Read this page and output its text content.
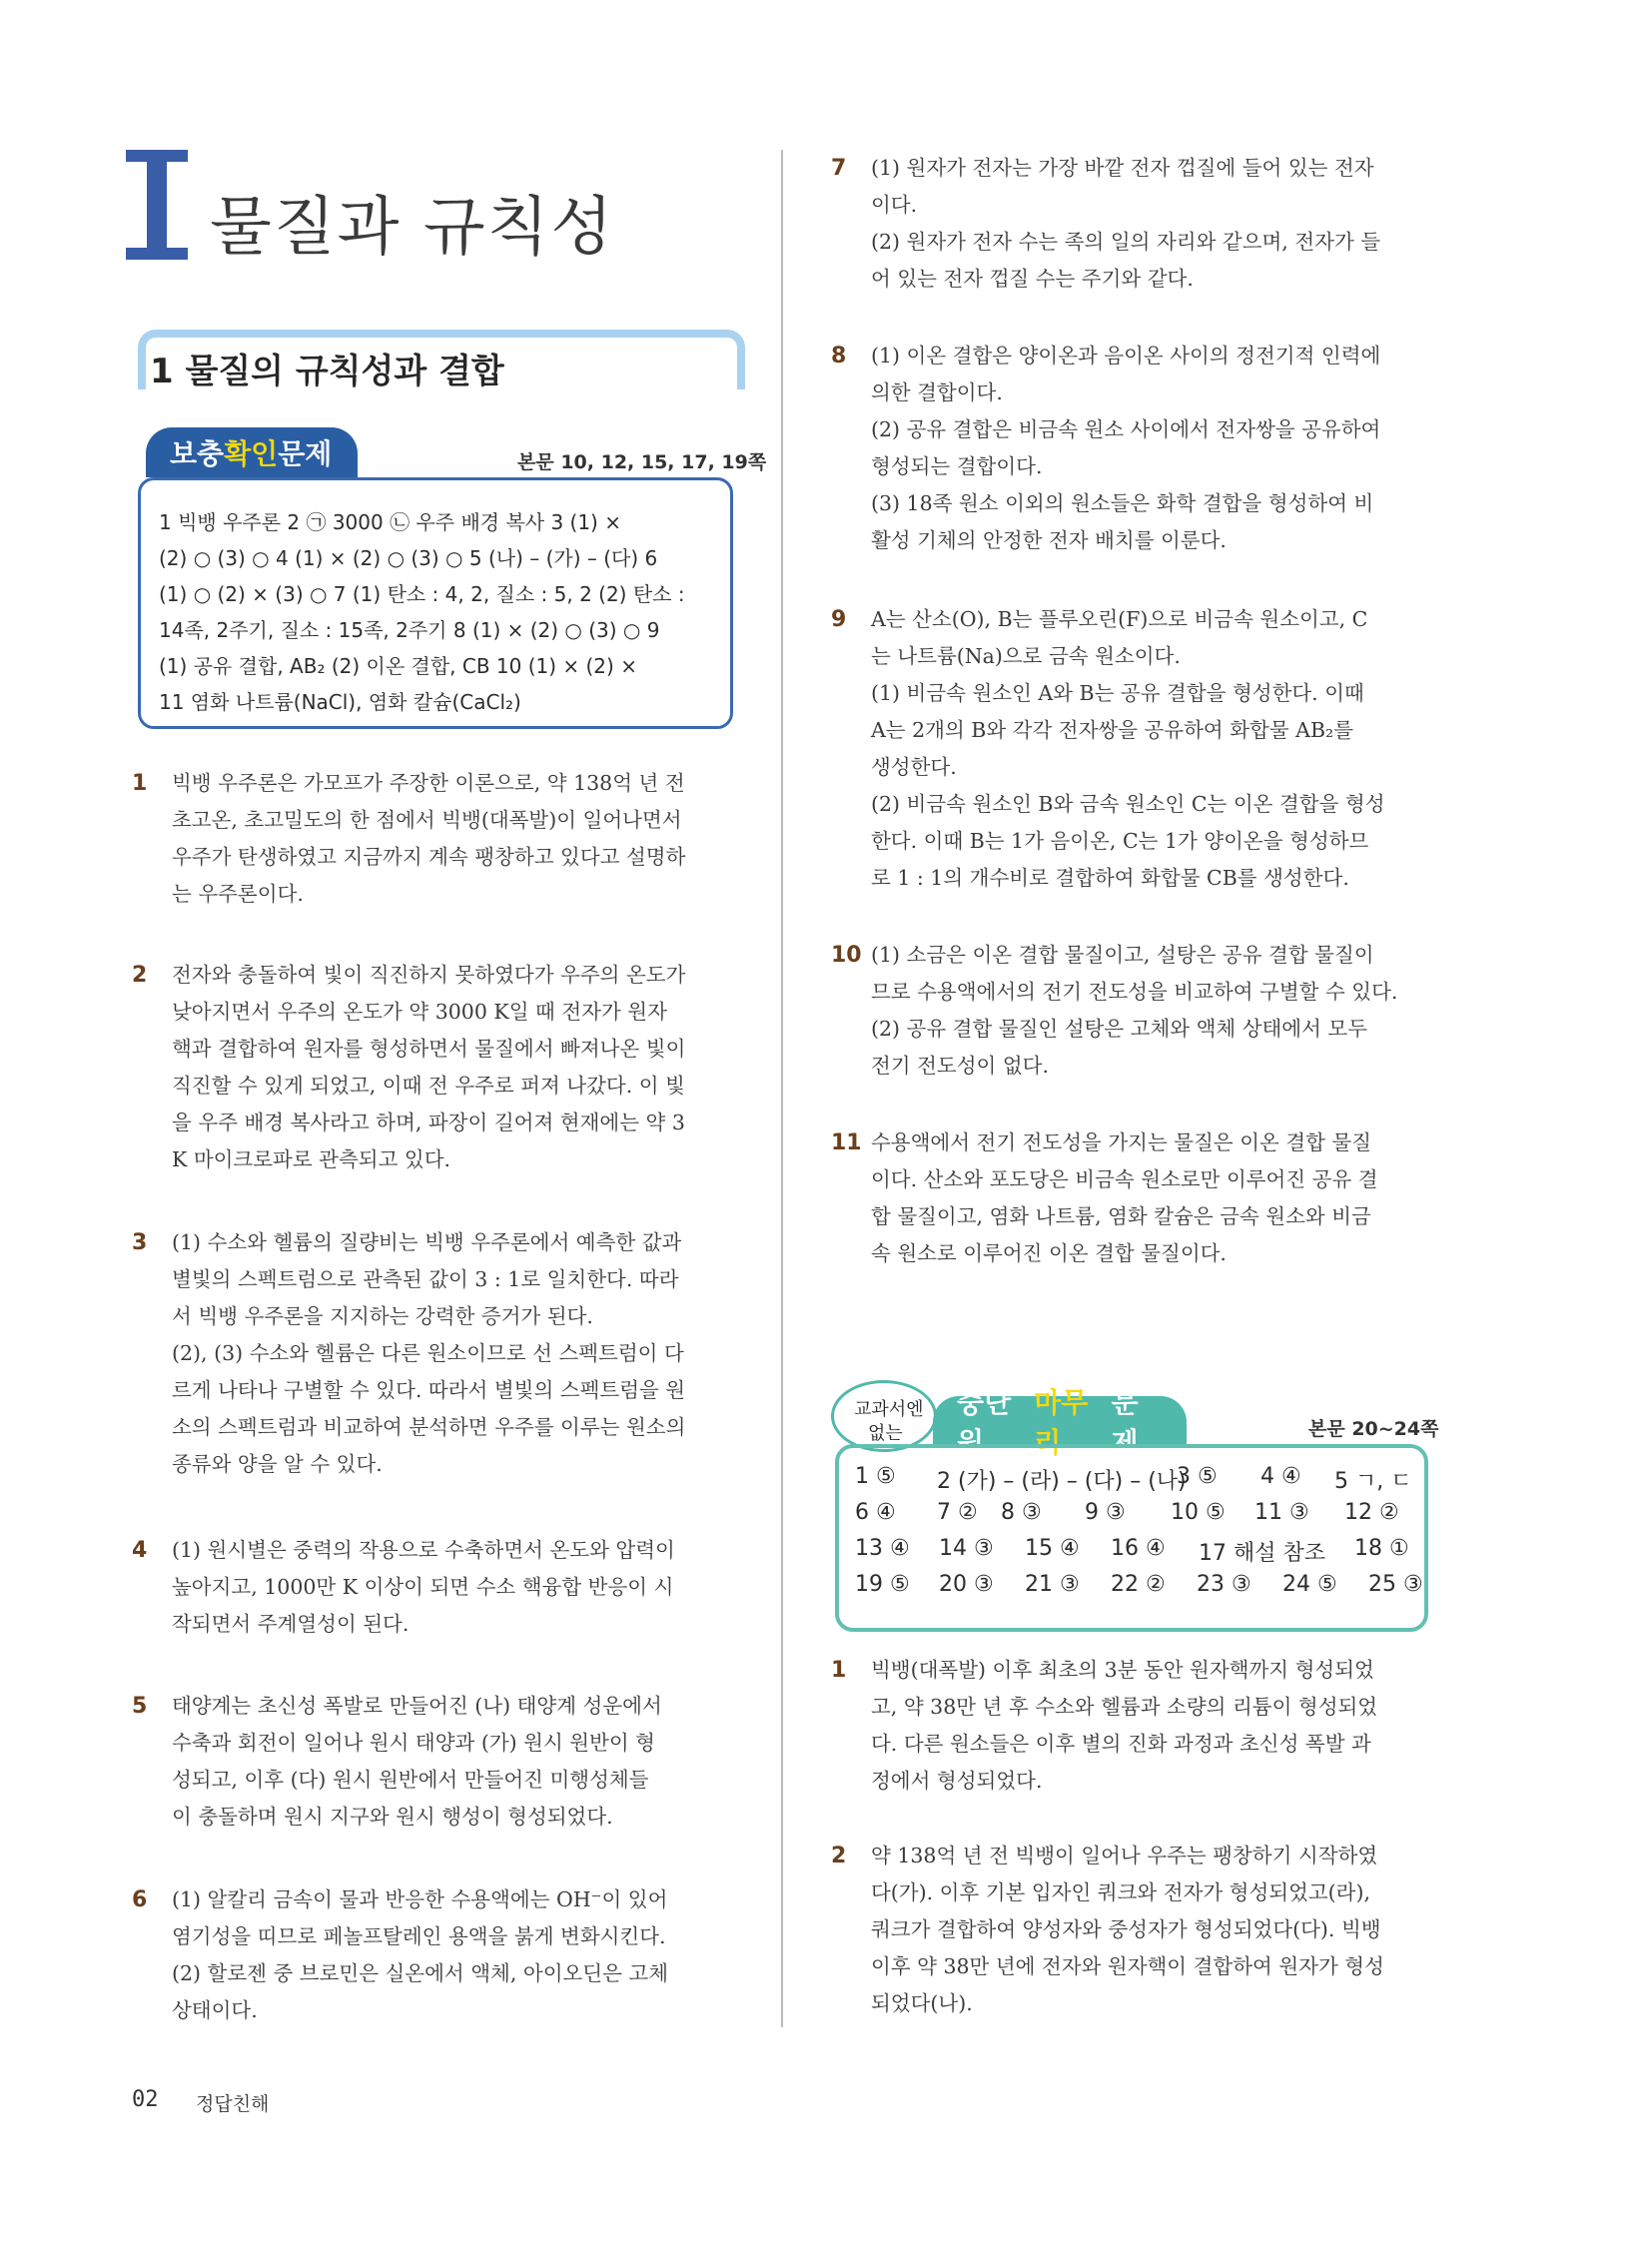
물질과 규칙성
1 물질의 규칙성과 결합
보충 확인 문제	본문 10, 12, 15, 17, 19쪽
1 빅뱅 우주론 2 ㉠ 3000 ㉡ 우주 배경 복사 3 (1) ×
(2) ○ (3) ○ 4 (1) × (2) ○ (3) ○ 5 (나) – (가) – (다) 6
(1) ○ (2) × (3) ○ 7 (1) 탄소 : 4, 2, 질소 : 5, 2 (2) 탄소 :
14족, 2주기, 질소 : 15족, 2주기 8 (1) × (2) ○ (3) ○ 9
(1) 공유 결합, AB₂ (2) 이온 결합, CB 10 (1) × (2) ×
11 염화 나트륨(NaCl), 염화 칼슘(CaCl₂)
1 빅뱅 우주론은 가모프가 주장한 이론으로, 약 138억 년 전
초고온, 초고밀도의 한 점에서 빅뱅(대폭발)이 일어나면서
우주가 탄생하였고 지금까지 계속 팽창하고 있다고 설명하
는 우주론이다.
2 전자와 충돌하여 빛이 직진하지 못하였다가 우주의 온도가
낮아지면서 우주의 온도가 약 3000 K일 때 전자가 원자
핵과 결합하여 원자를 형성하면서 물질에서 빠져나온 빛이
직진할 수 있게 되었고, 이때 전 우주로 퍼져 나갔다. 이 빛
을 우주 배경 복사라고 하며, 파장이 길어져 현재에는 약 3
K 마이크로파로 관측되고 있다.
3 (1) 수소와 헬륨의 질량비는 빅뱅 우주론에서 예측한 값과
별빛의 스펙트럼으로 관측된 값이 3 : 1로 일치한다. 따라
서 빅뱅 우주론을 지지하는 강력한 증거가 된다.
(2), (3) 수소와 헬륨은 다른 원소이므로 선 스펙트럼이 다
르게 나타나 구별할 수 있다. 따라서 별빛의 스펙트럼을 원
소의 스펙트럼과 비교하여 분석하면 우주를 이루는 원소의
종류와 양을 알 수 있다.
4 (1) 원시별은 중력의 작용으로 수축하면서 온도와 압력이
높아지고, 1000만 K 이상이 되면 수소 핵융합 반응이 시
작되면서 주계열성이 된다.
5 태양계는 초신성 폭발로 만들어진 (나) 태양계 성운에서
수축과 회전이 일어나 원시 태양과 (가) 원시 원반이 형
성되고, 이후 (다) 원시 원반에서 만들어진 미행성체들
이 충돌하며 원시 지구와 원시 행성이 형성되었다.
6 (1) 알칼리 금속이 물과 반응한 수용액에는 OH⁻이 있어
염기성을 띠므로 페놀프탈레인 용액을 붉게 변화시킨다.
(2) 할로젠 중 브로민은 실온에서 액체, 아이오딘은 고체
상태이다.
7 (1) 원자가 전자는 가장 바깥 전자 껍질에 들어 있는 전자
이다.
(2) 원자가 전자 수는 족의 일의 자리와 같으며, 전자가 들
어 있는 전자 껍질 수는 주기와 같다.
8 (1) 이온 결합은 양이온과 음이온 사이의 정전기적 인력에
의한 결합이다.
(2) 공유 결합은 비금속 원소 사이에서 전자쌍을 공유하여
형성되는 결합이다.
(3) 18족 원소 이외의 원소들은 화학 결합을 형성하여 비
활성 기체의 안정한 전자 배치를 이룬다.
9 A는 산소(O), B는 플루오린(F)으로 비금속 원소이고, C
는 나트륨(Na)으로 금속 원소이다.
(1) 비금속 원소인 A와 B는 공유 결합을 형성한다. 이때
A는 2개의 B와 각각 전자쌍을 공유하여 화합물 AB₂를
생성한다.
(2) 비금속 원소인 B와 금속 원소인 C는 이온 결합을 형성
한다. 이때 B는 1가 음이온, C는 1가 양이온을 형성하므
로 1 : 1의 개수비로 결합하여 화합물 CB를 생성한다.
10 (1) 소금은 이온 결합 물질이고, 설탕은 공유 결합 물질이
므로 수용액에서의 전기 전도성을 비교하여 구별할 수 있다.
(2) 공유 결합 물질인 설탕은 고체와 액체 상태에서 모두
전기 전도성이 없다.
11 수용액에서 전기 전도성을 가지는 물질은 이온 결합 물질
이다. 산소와 포도당은 비금속 원소로만 이루어진 공유 결
합 물질이고, 염화 나트륨, 염화 칼슘은 금속 원소와 비금
속 원소로 이루어진 이온 결합 물질이다.
교과서엔
없는
중단원
마무리
문제	본문 20~24쪽
1 ⑤ 2 (가) – (라) – (다) – (나)
3 ⑤ 4 ④ 5 ㄱ, ㄷ
6 ④ 7 ② 8 ③ 9 ③ 10 ⑤ 11 ③ 12 ②
13 ④ 14 ③ 15 ④ 16 ④ 17 해설 참조 18 ①
19 ⑤ 20 ③ 21 ③ 22 ② 23 ③ 24 ⑤ 25 ③
1 빅뱅(대폭발) 이후 최초의 3분 동안 원자핵까지 형성되었
고, 약 38만 년 후 수소와 헬륨과 소량의 리튬이 형성되었
다. 다른 원소들은 이후 별의 진화 과정과 초신성 폭발 과
정에서 형성되었다.
2 약 138억 년 전 빅뱅이 일어나 우주는 팽창하기 시작하였
다(가). 이후 기본 입자인 쿼크와 전자가 형성되었고(라),
쿼크가 결합하여 양성자와 중성자가 형성되었다(다). 빅뱅
이후 약 38만 년에 전자와 원자핵이 결합하여 원자가 형성
되었다(나).
02 정답친해
